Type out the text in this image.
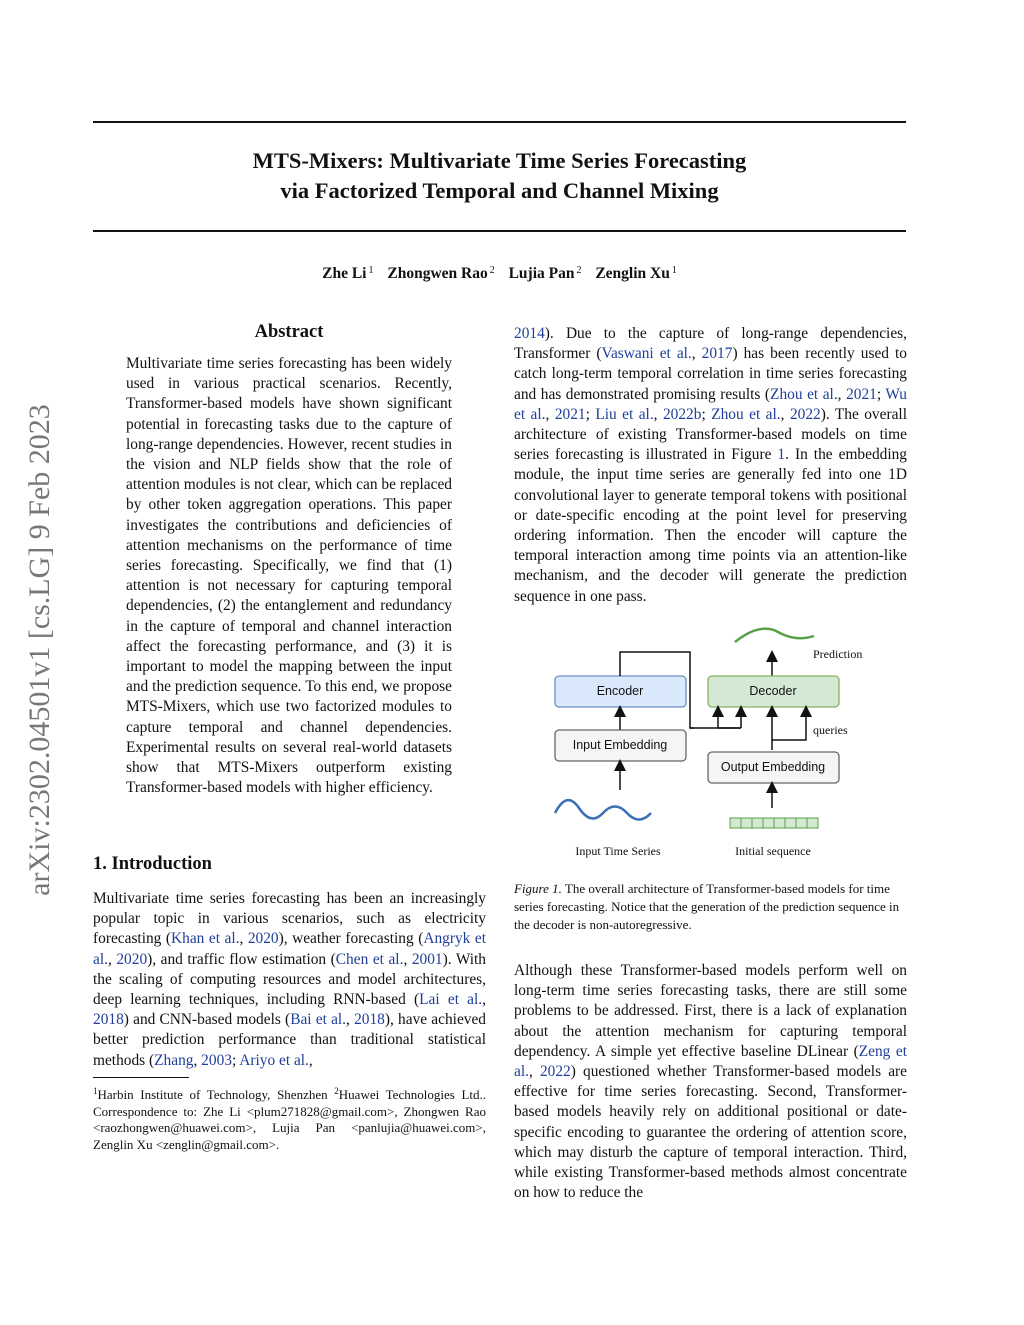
arXiv:2302.04501v1 [cs.LG] 9 Feb 2023
MTS-Mixers: Multivariate Time Series Forecasting
via Factorized Temporal and Channel Mixing
Zhe Li $^1$ Zhongwen Rao $^2$ Lujia Pan $^2$ Zenglin Xu $^1$
Abstract
Multivariate time series forecasting has been widely used in various practical scenarios. Recently, Transformer-based models have shown significant potential in forecasting tasks due to the capture of long-range dependencies. However, recent studies in the vision and NLP fields show that the role of attention modules is not clear, which can be replaced by other token aggregation operations. This paper investigates the contributions and deficiencies of attention mechanisms on the performance of time series forecasting. Specifically, we find that (1) attention is not necessary for capturing temporal dependencies, (2) the entanglement and redundancy in the capture of temporal and channel interaction affect the forecasting performance, and (3) it is important to model the mapping between the input and the prediction sequence. To this end, we propose MTS-Mixers, which use two factorized modules to capture temporal and channel dependencies. Experimental results on several real-world datasets show that MTS-Mixers outperform existing Transformer-based models with higher efficiency.
1. Introduction
Multivariate time series forecasting has been an increasingly popular topic in various scenarios, such as electricity forecasting (Khan et al., 2020), weather forecasting (Angryk et al., 2020), and traffic flow estimation (Chen et al., 2001). With the scaling of computing resources and model architectures, deep learning techniques, including RNN-based (Lai et al., 2018) and CNN-based models (Bai et al., 2018), have achieved better prediction performance than traditional statistical methods (Zhang, 2003; Ariyo et al.,
$^1$Harbin Institute of Technology, Shenzhen $^2$Huawei Technologies Ltd.. Correspondence to: Zhe Li <plum271828@gmail.com>, Zhongwen Rao <raozhongwen@huawei.com>, Lujia Pan <panlujia@huawei.com>, Zenglin Xu <zenglin@gmail.com>.
2014). Due to the capture of long-range dependencies, Transformer (Vaswani et al., 2017) has been recently used to catch long-term temporal correlation in time series forecasting and has demonstrated promising results (Zhou et al., 2021; Wu et al., 2021; Liu et al., 2022b; Zhou et al., 2022). The overall architecture of existing Transformer-based models on time series forecasting is illustrated in Figure 1. In the embedding module, the input time series are generally fed into one 1D convolutional layer to generate temporal tokens with positional or date-specific encoding at the point level for preserving ordering information. Then the encoder will capture the temporal interaction among time points via an attention-like mechanism, and the decoder will generate the prediction sequence in one pass.
Prediction
Encoder	Decoder
queries
Input Embedding
Output Embedding
Input Time Series	Initial sequence
Figure 1. The overall architecture of Transformer-based models for time series forecasting. Notice that the generation of the prediction sequence in the decoder is non-autoregressive.
Although these Transformer-based models perform well on long-term time series forecasting tasks, there are still some problems to be addressed. First, there is a lack of explanation about the attention mechanism for capturing temporal dependency. A simple yet effective baseline DLinear (Zeng et al., 2022) questioned whether Transformer-based models are effective for time series forecasting. Second, Transformer-based models heavily rely on additional positional or date-specific encoding to guarantee the ordering of attention score, which may disturb the capture of temporal interaction. Third, while existing Transformer-based methods almost concentrate on how to reduce the
